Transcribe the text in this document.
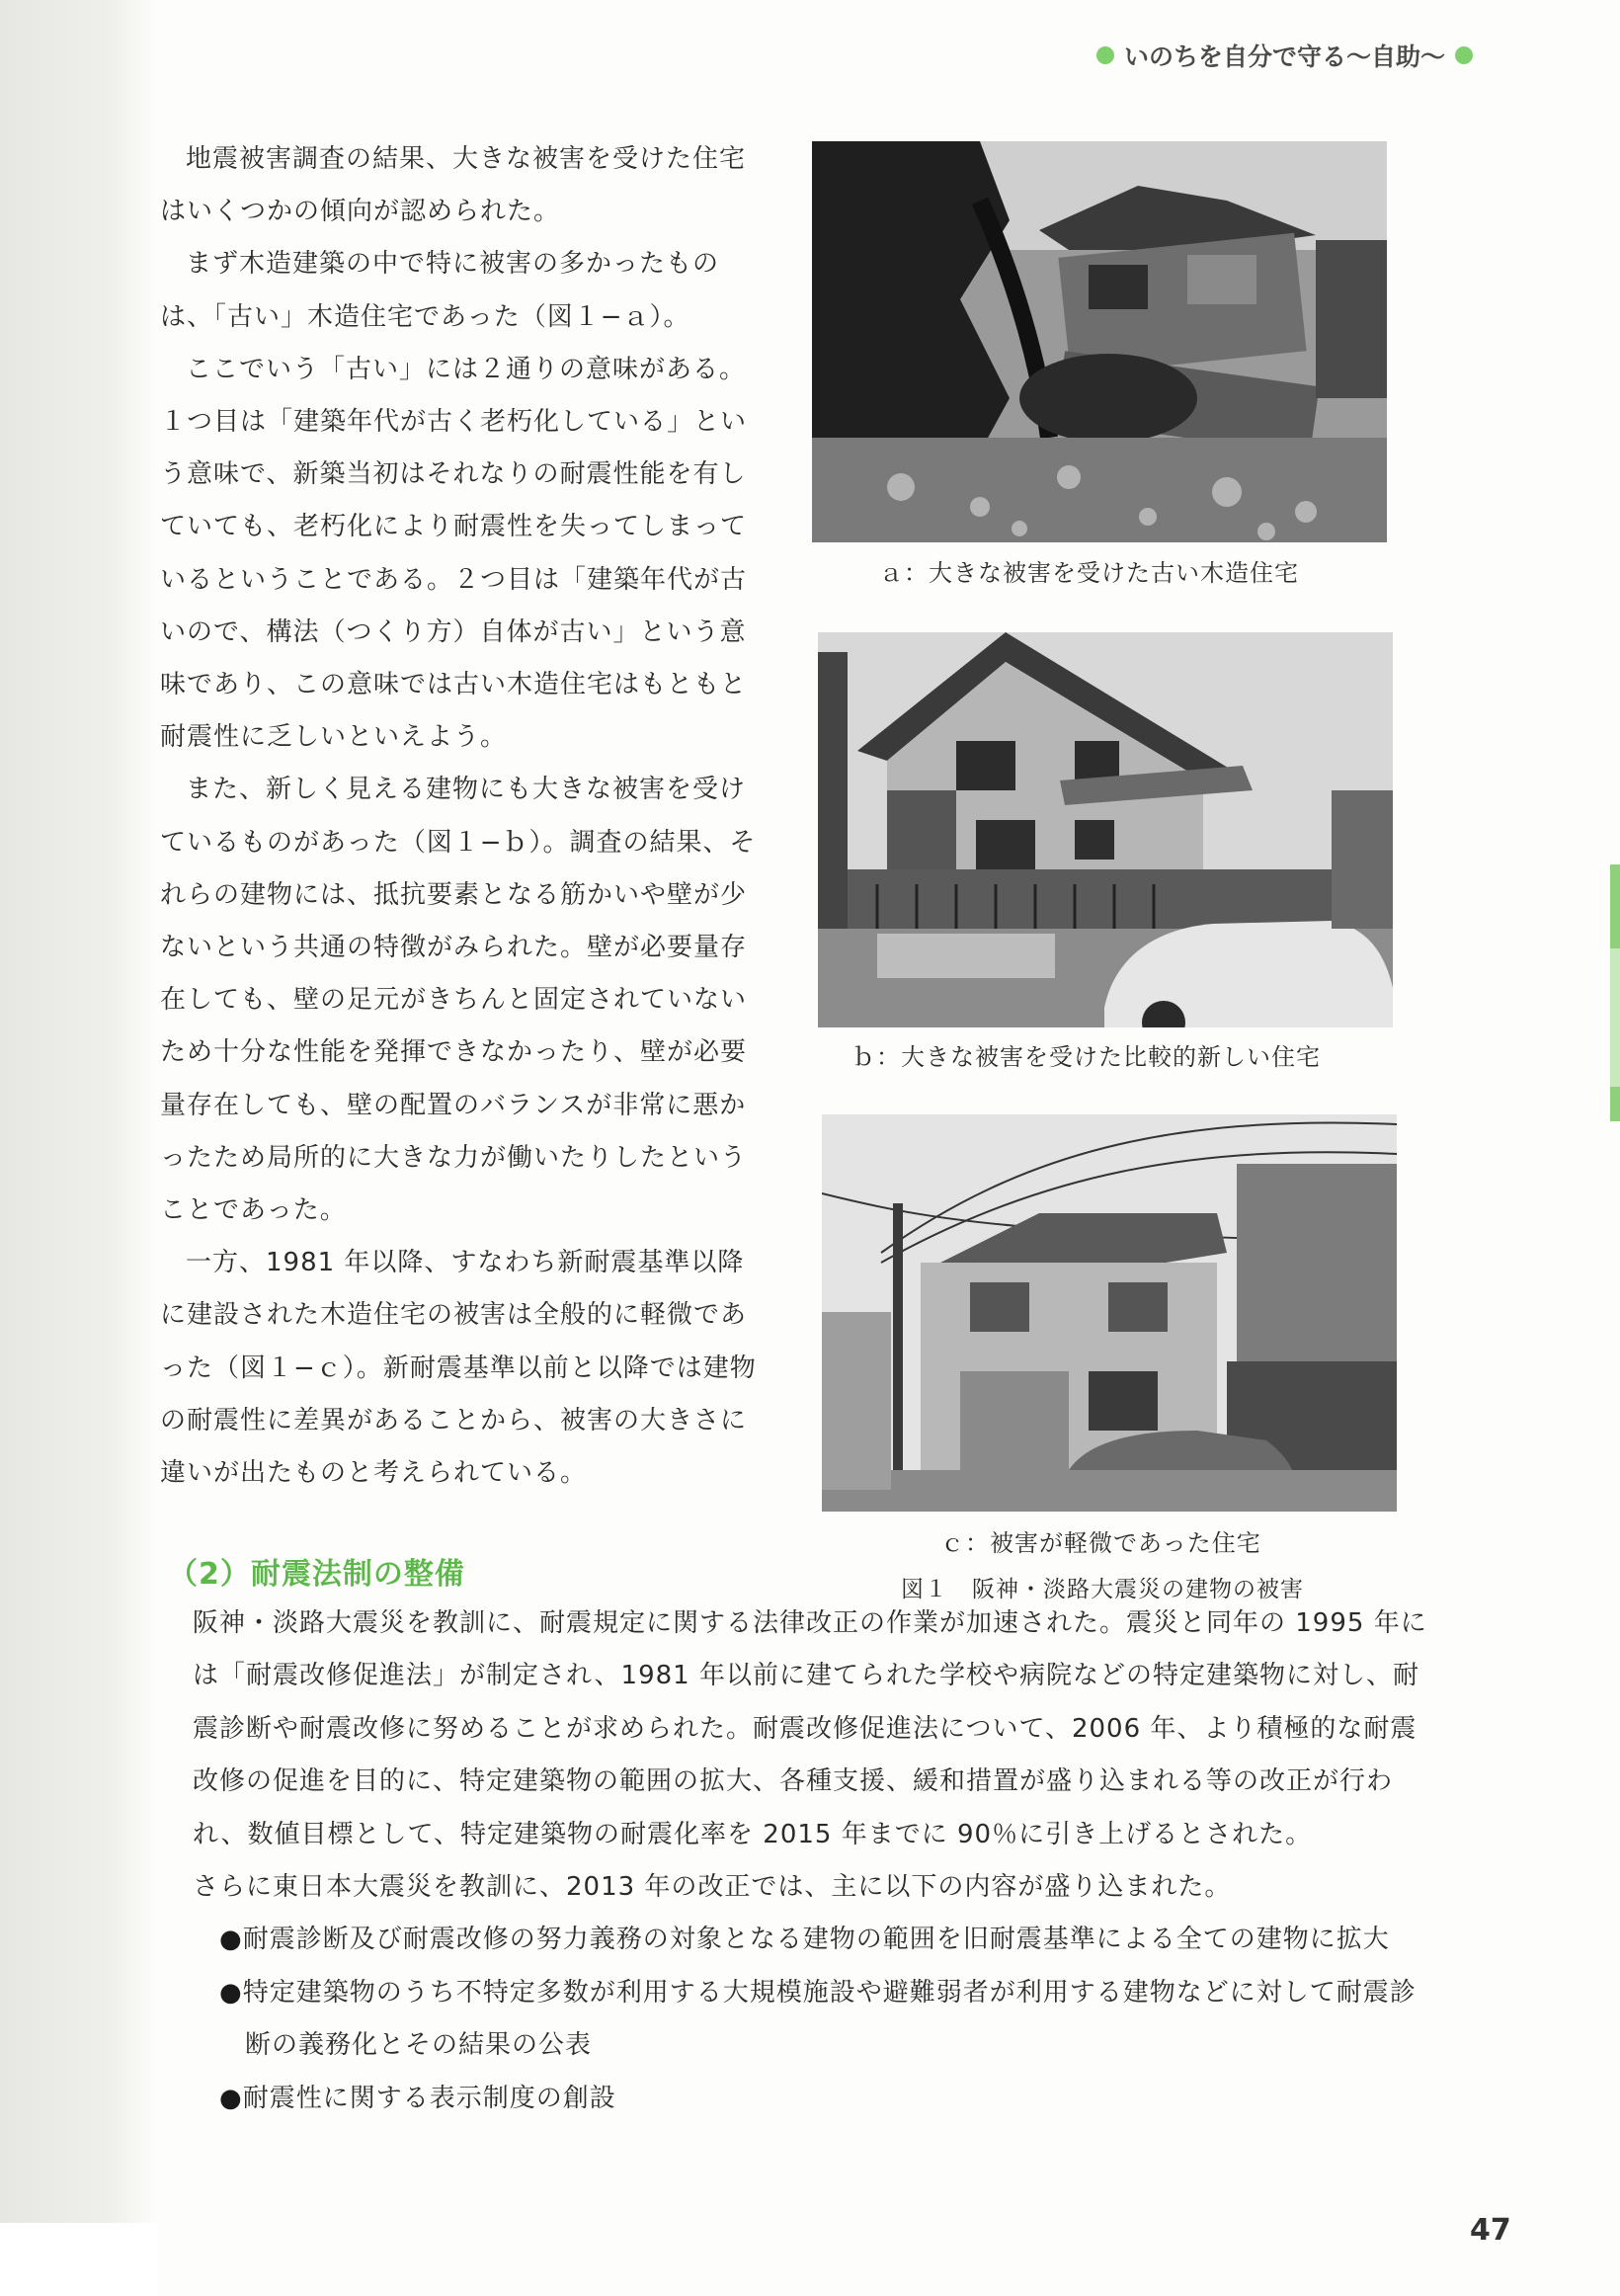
いのちを自分で守る〜自助〜

地震被害調査の結果、大きな被害を受けた住宅はいくつかの傾向が認められた。

まず木造建築の中で特に被害の多かったものは、「古い」木造住宅であった（図１−ａ）。

ここでいう「古い」には２通りの意味がある。１つ目は「建築年代が古く老朽化している」という意味で、新築当初はそれなりの耐震性能を有していても、老朽化により耐震性を失ってしまっているということである。２つ目は「建築年代が古いので、構法（つくり方）自体が古い」という意味であり、この意味では古い木造住宅はもともと耐震性に乏しいといえよう。

また、新しく見える建物にも大きな被害を受けているものがあった（図１−ｂ）。調査の結果、それらの建物には、抵抗要素となる筋かいや壁が少ないという共通の特徴がみられた。壁が必要量存在しても、壁の足元がきちんと固定されていないため十分な性能を発揮できなかったり、壁が必要量存在しても、壁の配置のバランスが非常に悪かったため局所的に大きな力が働いたりしたということであった。

一方、1981 年以降、すなわち新耐震基準以降に建設された木造住宅の被害は全般的に軽微であった（図１−ｃ）。新耐震基準以前と以降では建物の耐震性に差異があることから、被害の大きさに違いが出たものと考えられている。

ａ：大きな被害を受けた古い木造住宅
ｂ：大きな被害を受けた比較的新しい住宅
ｃ：被害が軽微であった住宅
図１　阪神・淡路大震災の建物の被害
（2）耐震法制の整備

阪神・淡路大震災を教訓に、耐震規定に関する法律改正の作業が加速された。震災と同年の 1995 年には「耐震改修促進法」が制定され、1981 年以前に建てられた学校や病院などの特定建築物に対し、耐震診断や耐震改修に努めることが求められた。耐震改修促進法について、2006 年、より積極的な耐震改修の促進を目的に、特定建築物の範囲の拡大、各種支援、緩和措置が盛り込まれる等の改正が行われ、数値目標として、特定建築物の耐震化率を 2015 年までに 90％に引き上げるとされた。

さらに東日本大震災を教訓に、2013 年の改正では、主に以下の内容が盛り込まれた。

● 耐震診断及び耐震改修の努力義務の対象となる建物の範囲を旧耐震基準による全ての建物に拡大
● 特定建築物のうち不特定多数が利用する大規模施設や避難弱者が利用する建物などに対して耐震診断の義務化とその結果の公表
● 耐震性に関する表示制度の創設
47
